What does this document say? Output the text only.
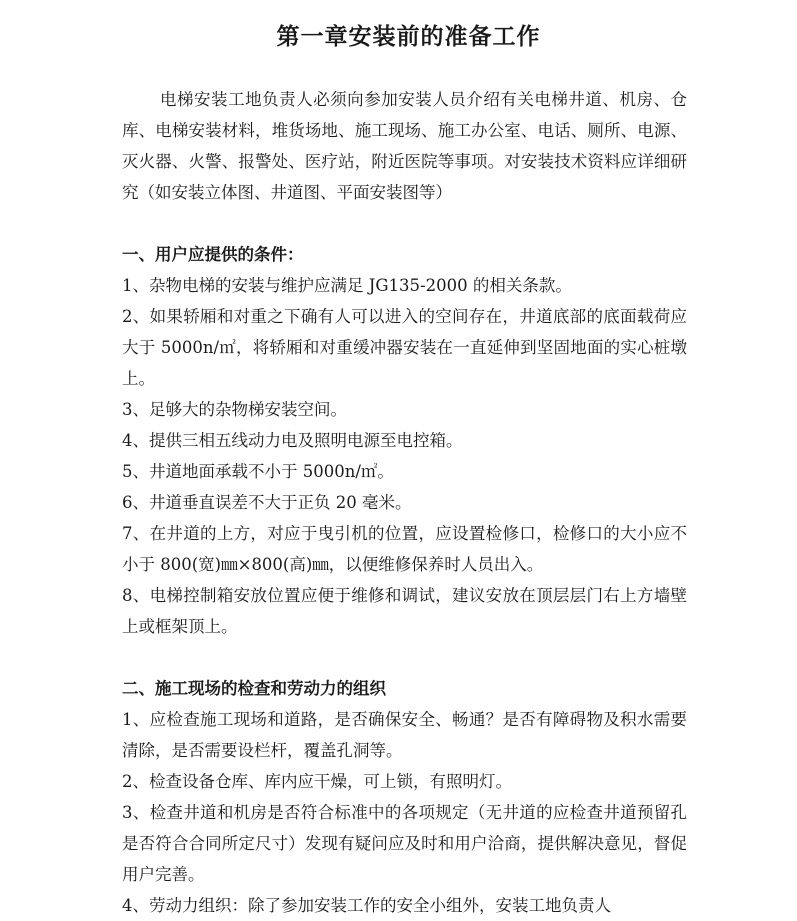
第一章安装前的准备工作

电梯安装工地负责人必须向参加安装人员介绍有关电梯井道、机房、仓库、电梯安装材料，堆货场地、施工现场、施工办公室、电话、厕所、电源、灭火器、火警、报警处、医疗站，附近医院等事项。对安装技术资料应详细研究（如安装立体图、井道图、平面安装图等）

一、用户应提供的条件：

1、杂物电梯的安装与维护应满足 JG135-2000 的相关条款。

2、如果轿厢和对重之下确有人可以进入的空间存在，井道底部的底面载荷应大于 5000n/㎡，将轿厢和对重缓冲器安装在一直延伸到坚固地面的实心桩墩上。

3、足够大的杂物梯安装空间。

4、提供三相五线动力电及照明电源至电控箱。

5、井道地面承载不小于 5000n/㎡。

6、井道垂直误差不大于正负 20 毫米。

7、在井道的上方，对应于曳引机的位置，应设置检修口，检修口的大小应不小于 800(宽)㎜×800(高)㎜，以便维修保养时人员出入。

8、电梯控制箱安放位置应便于维修和调试，建议安放在顶层层门右上方墙壁上或框架顶上。

二、施工现场的检查和劳动力的组织

1、应检查施工现场和道路，是否确保安全、畅通？是否有障碍物及积水需要清除，是否需要设栏杆，覆盖孔洞等。

2、检查设备仓库、库内应干燥，可上锁，有照明灯。

3、检查井道和机房是否符合标准中的各项规定（无井道的应检查井道预留孔是否符合合同所定尺寸）发现有疑问应及时和用户洽商，提供解决意见，督促用户完善。

4、劳动力组织：除了参加安装工作的安全小组外，安装工地负责人
